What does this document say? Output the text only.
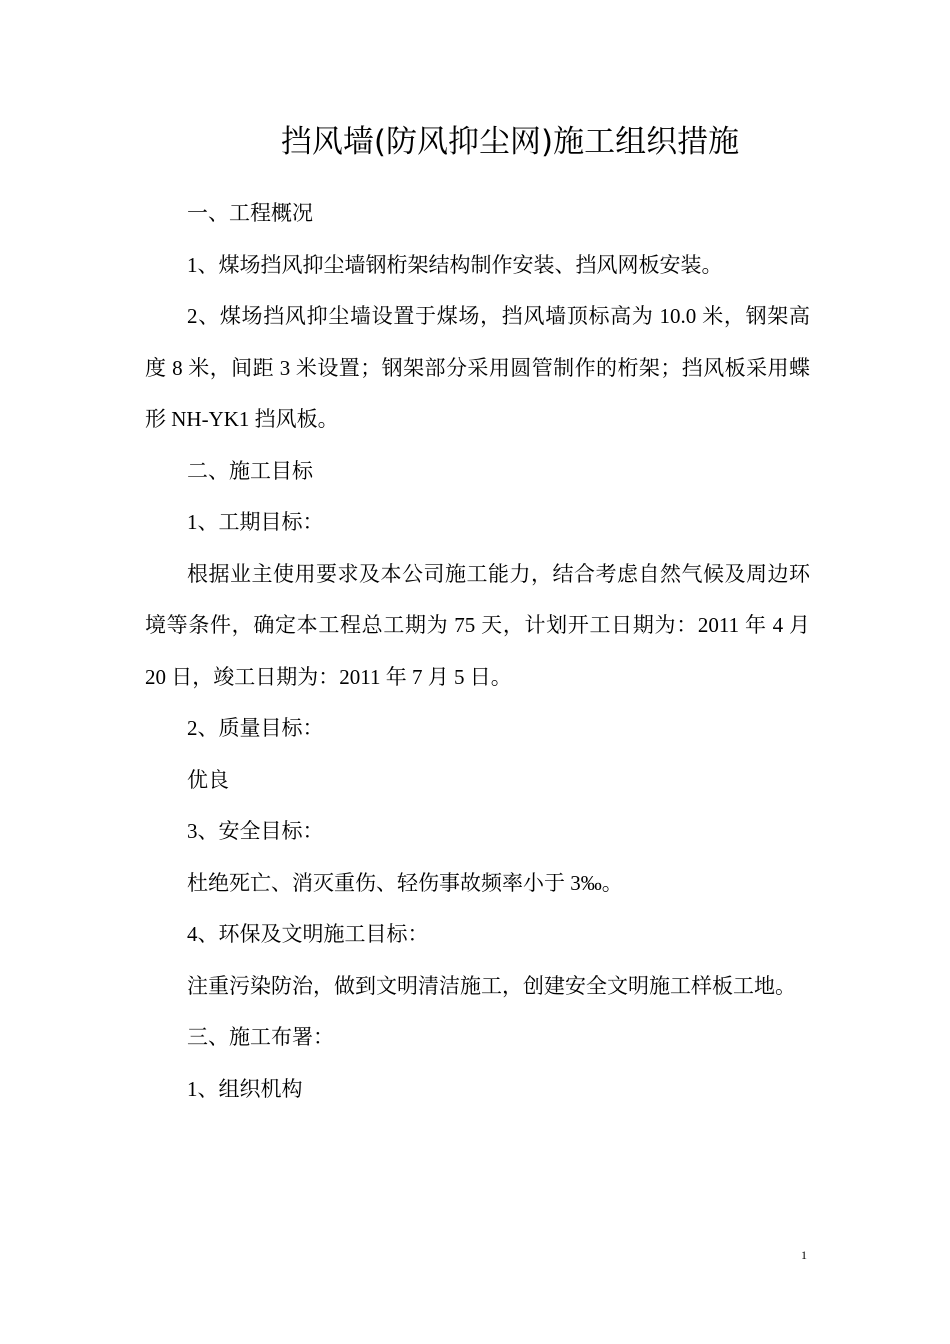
挡风墙(防风抑尘网)施工组织措施

一、工程概况

1、煤场挡风抑尘墙钢桁架结构制作安装、挡风网板安装。

2、煤场挡风抑尘墙设置于煤场，挡风墙顶标高为 10.0 米，钢架高度 8 米，间距 3 米设置；钢架部分采用圆管制作的桁架；挡风板采用蝶形 NH-YK1 挡风板。

二、施工目标

1、工期目标：

根据业主使用要求及本公司施工能力，结合考虑自然气候及周边环境等条件，确定本工程总工期为 75 天，计划开工日期为：2011 年 4 月 20 日，竣工日期为：2011 年 7 月 5 日。

2、质量目标：

优良

3、安全目标：

杜绝死亡、消灭重伤、轻伤事故频率小于 3‰。

4、环保及文明施工目标：

注重污染防治，做到文明清洁施工，创建安全文明施工样板工地。

三、施工布署：

1、组织机构

1
